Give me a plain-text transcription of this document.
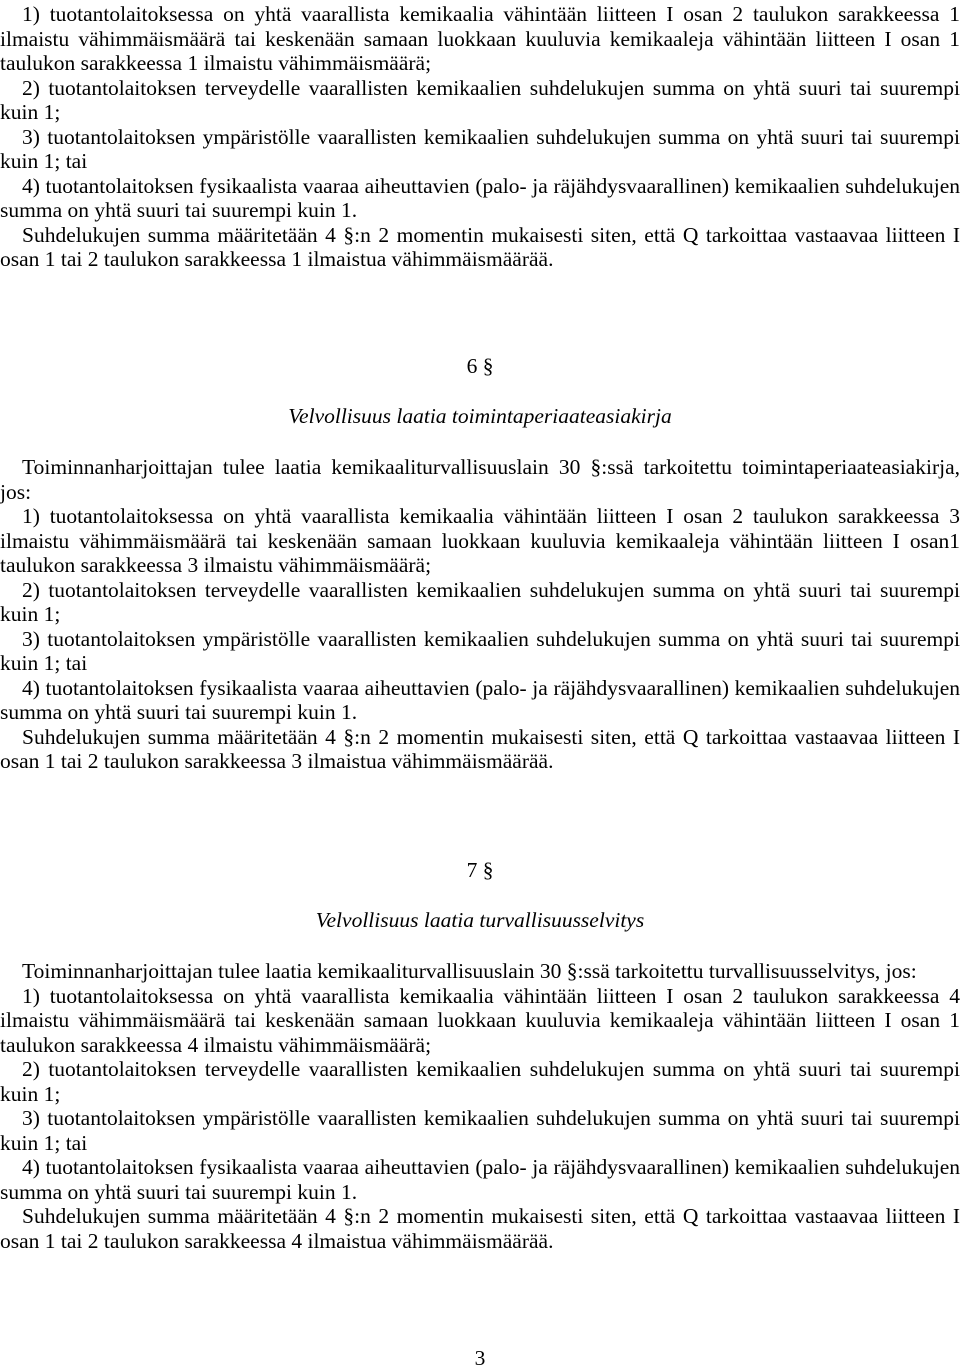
1) tuotantolaitoksessa on yhtä vaarallista kemikaalia vähintään liitteen I osan 2 taulukon sarakkeessa 1 ilmaistu vähimmäismäärä tai keskenään samaan luokkaan kuuluvia kemikaaleja vähintään liitteen I osan 1 taulukon sarakkeessa 1 ilmaistu vähimmäismäärä;

2) tuotantolaitoksen terveydelle vaarallisten kemikaalien suhdelukujen summa on yhtä suuri tai suurempi kuin 1;

3) tuotantolaitoksen ympäristölle vaarallisten kemikaalien suhdelukujen summa on yhtä suuri tai suurempi kuin 1; tai

4) tuotantolaitoksen fysikaalista vaaraa aiheuttavien (palo- ja räjähdysvaarallinen) kemikaalien suhdelukujen summa on yhtä suuri tai suurempi kuin 1.

Suhdelukujen summa määritetään 4 §:n 2 momentin mukaisesti siten, että Q tarkoittaa vastaavaa liitteen I osan 1 tai 2 taulukon sarakkeessa 1 ilmaistua vähimmäismäärää.

6 §
Velvollisuus laatia toimintaperiaateasiakirja

Toiminnanharjoittajan tulee laatia kemikaaliturvallisuuslain 30 §:ssä tarkoitettu toimintaperiaateasiakirja, jos:

1) tuotantolaitoksessa on yhtä vaarallista kemikaalia vähintään liitteen I osan 2 taulukon sarakkeessa 3 ilmaistu vähimmäismäärä tai keskenään samaan luokkaan kuuluvia kemikaaleja vähintään liitteen I osan1 taulukon sarakkeessa 3 ilmaistu vähimmäismäärä;

2) tuotantolaitoksen terveydelle vaarallisten kemikaalien suhdelukujen summa on yhtä suuri tai suurempi kuin 1;

3) tuotantolaitoksen ympäristölle vaarallisten kemikaalien suhdelukujen summa on yhtä suuri tai suurempi kuin 1; tai

4) tuotantolaitoksen fysikaalista vaaraa aiheuttavien (palo- ja räjähdysvaarallinen) kemikaalien suhdelukujen summa on yhtä suuri tai suurempi kuin 1.

Suhdelukujen summa määritetään 4 §:n 2 momentin mukaisesti siten, että Q tarkoittaa vastaavaa liitteen I osan 1 tai 2 taulukon sarakkeessa 3 ilmaistua vähimmäismäärää.

7 §
Velvollisuus laatia turvallisuusselvitys

Toiminnanharjoittajan tulee laatia kemikaaliturvallisuuslain 30 §:ssä tarkoitettu turvallisuusselvitys, jos:

1) tuotantolaitoksessa on yhtä vaarallista kemikaalia vähintään liitteen I osan 2 taulukon sarakkeessa 4 ilmaistu vähimmäismäärä tai keskenään samaan luokkaan kuuluvia kemikaaleja vähintään liitteen I osan 1 taulukon sarakkeessa 4 ilmaistu vähimmäismäärä;

2) tuotantolaitoksen terveydelle vaarallisten kemikaalien suhdelukujen summa on yhtä suuri tai suurempi kuin 1;

3) tuotantolaitoksen ympäristölle vaarallisten kemikaalien suhdelukujen summa on yhtä suuri tai suurempi kuin 1; tai

4) tuotantolaitoksen fysikaalista vaaraa aiheuttavien (palo- ja räjähdysvaarallinen) kemikaalien suhdelukujen summa on yhtä suuri tai suurempi kuin 1.

Suhdelukujen summa määritetään 4 §:n 2 momentin mukaisesti siten, että Q tarkoittaa vastaavaa liitteen I osan 1 tai 2 taulukon sarakkeessa 4 ilmaistua vähimmäismäärää.

3
